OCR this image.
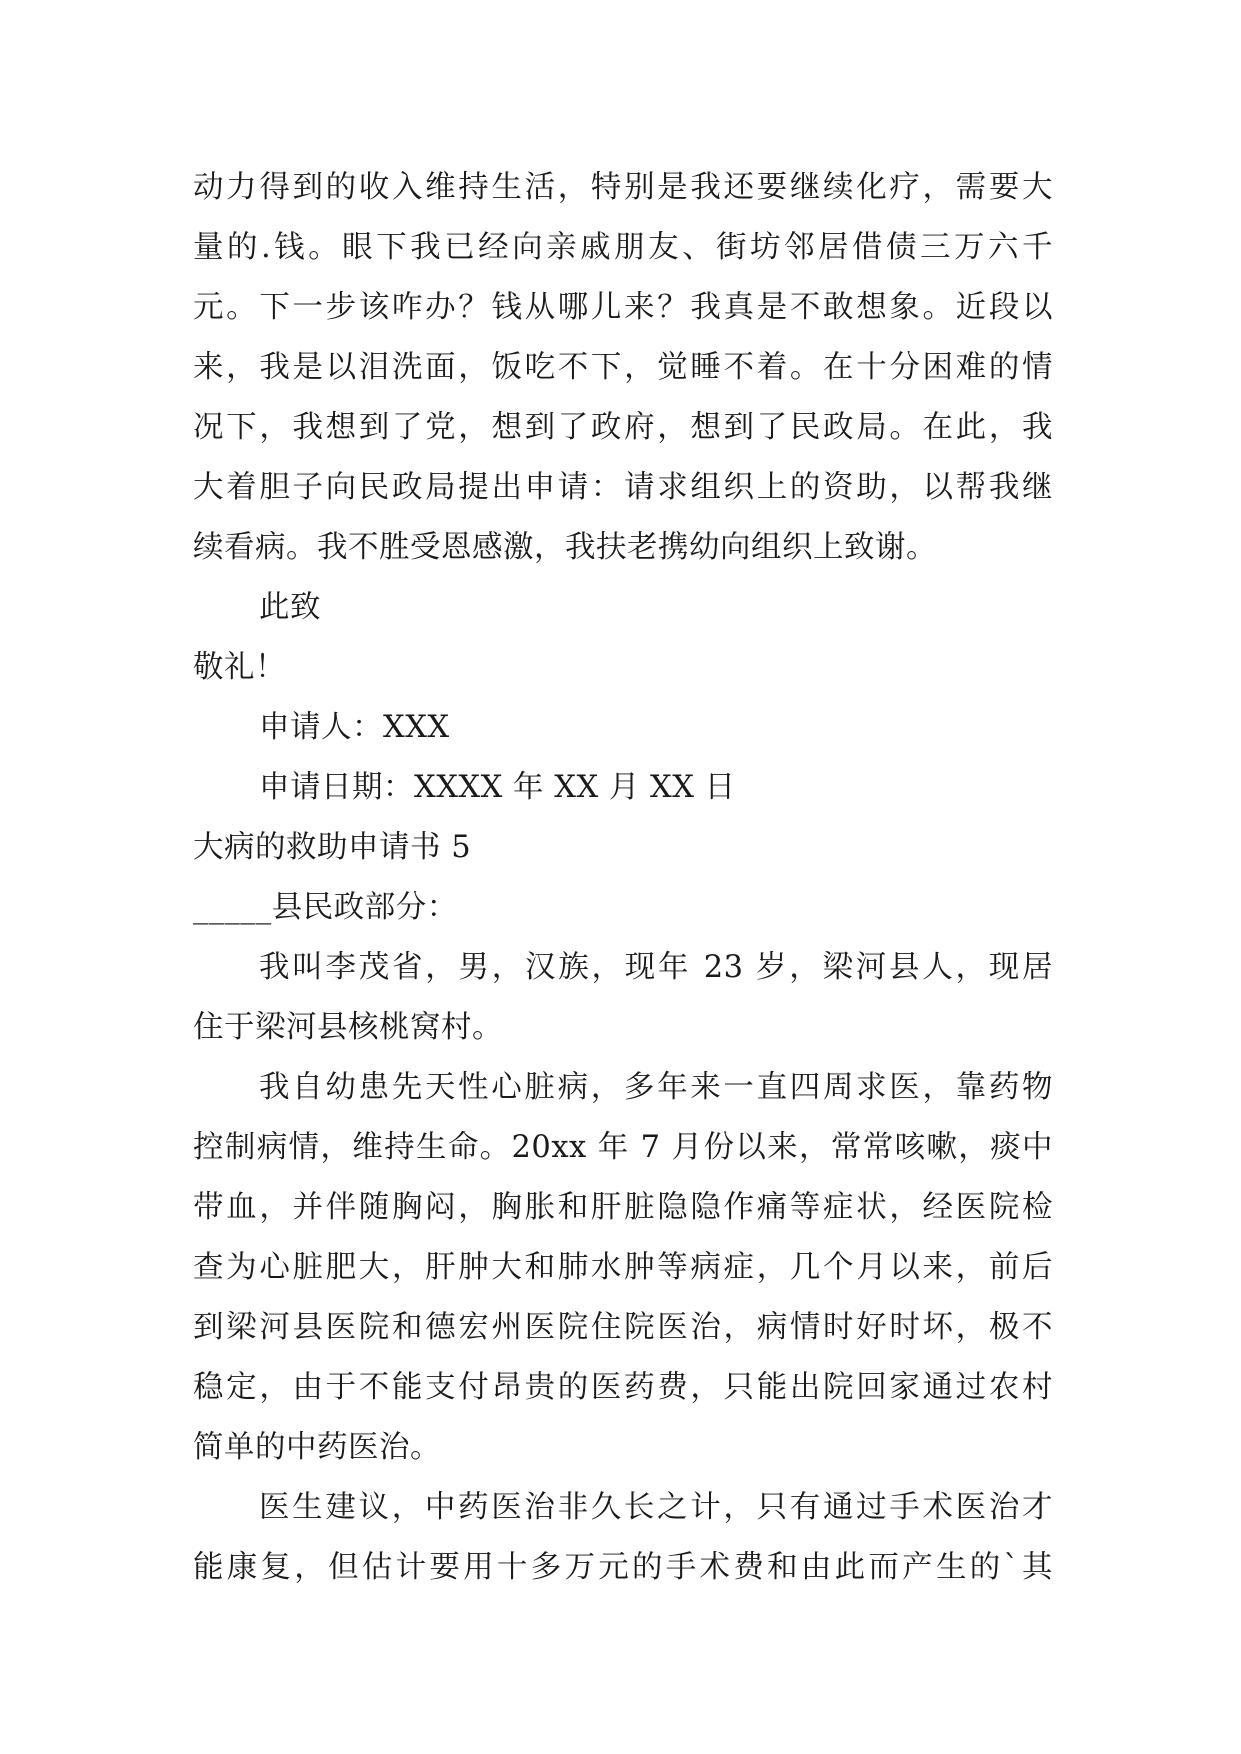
动力得到的收入维持生活，特别是我还要继续化疗，需要大
量的.钱。眼下我已经向亲戚朋友、街坊邻居借债三万六千
元。下一步该咋办？钱从哪儿来？我真是不敢想象。近段以
来，我是以泪洗面，饭吃不下，觉睡不着。在十分困难的情
况下，我想到了党，想到了政府，想到了民政局。在此，我
大着胆子向民政局提出申请：请求组织上的资助，以帮我继
续看病。我不胜受恩感激，我扶老携幼向组织上致谢。
此致
敬礼！
申请人：XXX
申请日期：XXXX 年 XX 月 XX 日
大病的救助申请书 5
_____县民政部分：
我叫李茂省，男，汉族，现年 23 岁，梁河县人，现居
住于梁河县核桃窝村。
我自幼患先天性心脏病，多年来一直四周求医，靠药物
控制病情，维持生命。20xx 年 7 月份以来，常常咳嗽，痰中
带血，并伴随胸闷，胸胀和肝脏隐隐作痛等症状，经医院检
查为心脏肥大，肝肿大和肺水肿等病症，几个月以来，前后
到梁河县医院和德宏州医院住院医治，病情时好时坏，极不
稳定，由于不能支付昂贵的医药费，只能出院回家通过农村
简单的中药医治。
医生建议，中药医治非久长之计，只有通过手术医治才
能康复，但估计要用十多万元的手术费和由此而产生的`其
